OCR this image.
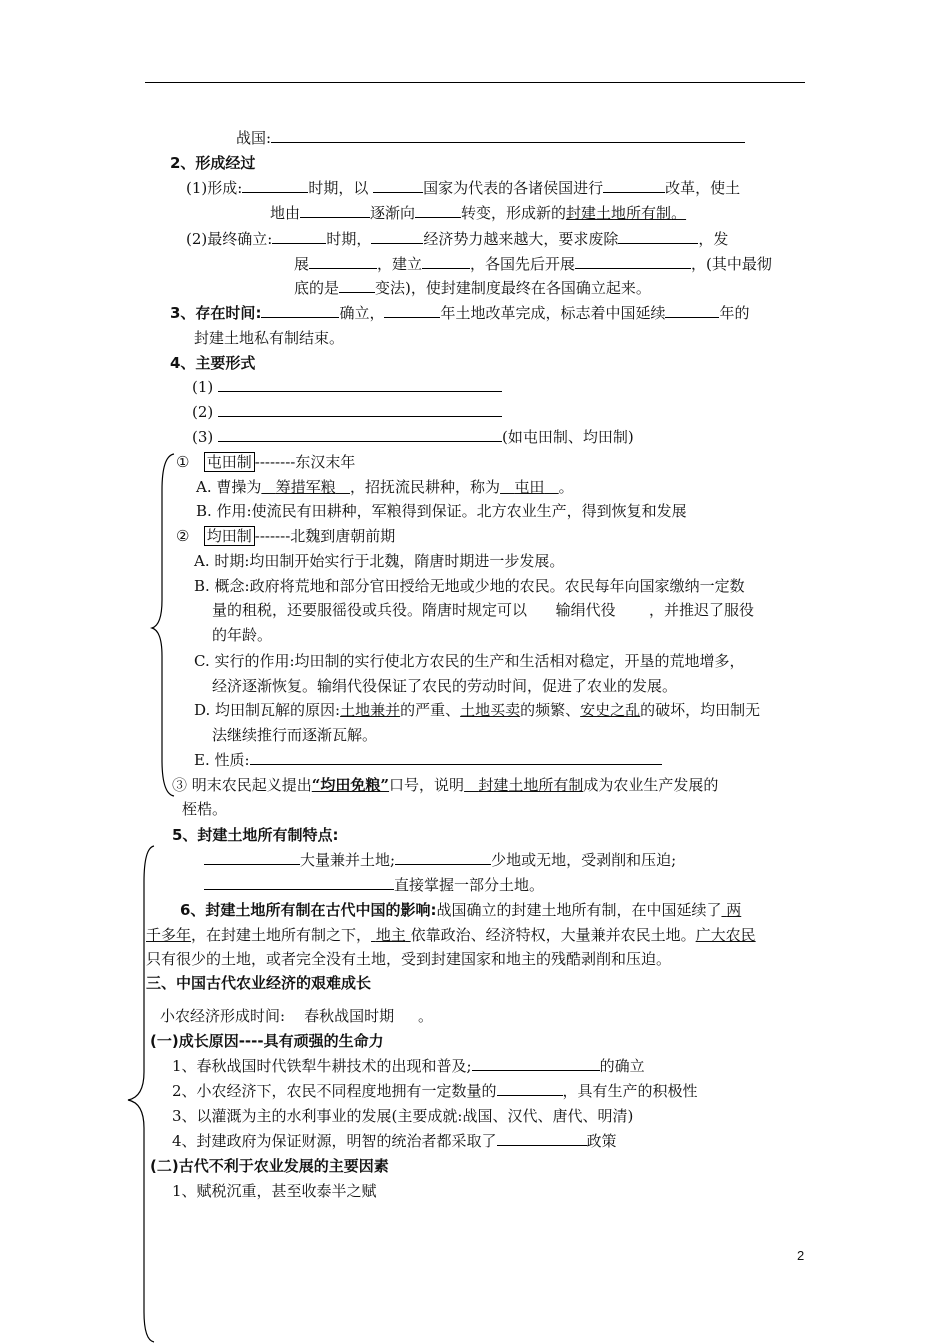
战国:
2、形成经过
(1)形成:	时期，以	国家为代表的各诸侯国进行	改革，使土
地由	逐渐向	转变，形成新的封建土地所有制。
(2)最终确立:	时期，	经济势力越来越大，要求废除	，发
展	，建立	，各国先后开展	，(其中最彻
底的是 变法)，使封建制度最终在各国确立起来。
3、存在时间:	确立，	年土地改革完成，标志着中国延续	年的
封建土地私有制结束。
4、主要形式
(1)
(2)
(3)	(如屯田制、均田制)
① 屯田制 --------东汉末年
A. 曹操为 筹措军粮 ，招抚流民耕种，称为 屯田 。
B. 作用:使流民有田耕种，军粮得到保证。北方农业生产，得到恢复和发展
② 均田制 -------北魏到唐朝前期
A. 时期:均田制开始实行于北魏，隋唐时期进一步发展。
B. 概念:政府将荒地和部分官田授给无地或少地的农民。农民每年向国家缴纳一定数
量的租税，还要服徭役或兵役。隋唐时规定可以 输绢代役 ，并推迟了服役
的年龄。
C. 实行的作用:均田制的实行使北方农民的生产和生活相对稳定，开垦的荒地增多，
经济逐渐恢复。输绢代役保证了农民的劳动时间，促进了农业的发展。
D. 均田制瓦解的原因:土地兼并的严重、土地买卖的频繁、安史之乱的破坏，均田制无
法继续推行而逐渐瓦解。
E. 性质:
③ 明末农民起义提出“均田免粮”口号，说明 封建土地所有制成为农业生产发展的
桎梏。
5、封建土地所有制特点:
大量兼并土地;	少地或无地，受剥削和压迫;
直接掌握一部分土地。
6、封建土地所有制在古代中国的影响:战国确立的封建土地所有制，在中国延续了 两
千多年，在封建土地所有制之下， 地主 依靠政治、经济特权，大量兼并农民土地。广大农民
只有很少的土地，或者完全没有土地，受到封建国家和地主的残酷剥削和压迫。
三、中国古代农业经济的艰难成长
小农经济形成时间: 春秋战国时期 。
(一)成长原因----具有顽强的生命力
1、春秋战国时代铁犁牛耕技术的出现和普及;	的确立
2、小农经济下，农民不同程度地拥有一定数量的	，具有生产的积极性
3、以灌溉为主的水利事业的发展(主要成就:战国、汉代、唐代、明清)
4、封建政府为保证财源，明智的统治者都采取了	政策
(二)古代不利于农业发展的主要因素
1、赋税沉重，甚至收泰半之赋
2
